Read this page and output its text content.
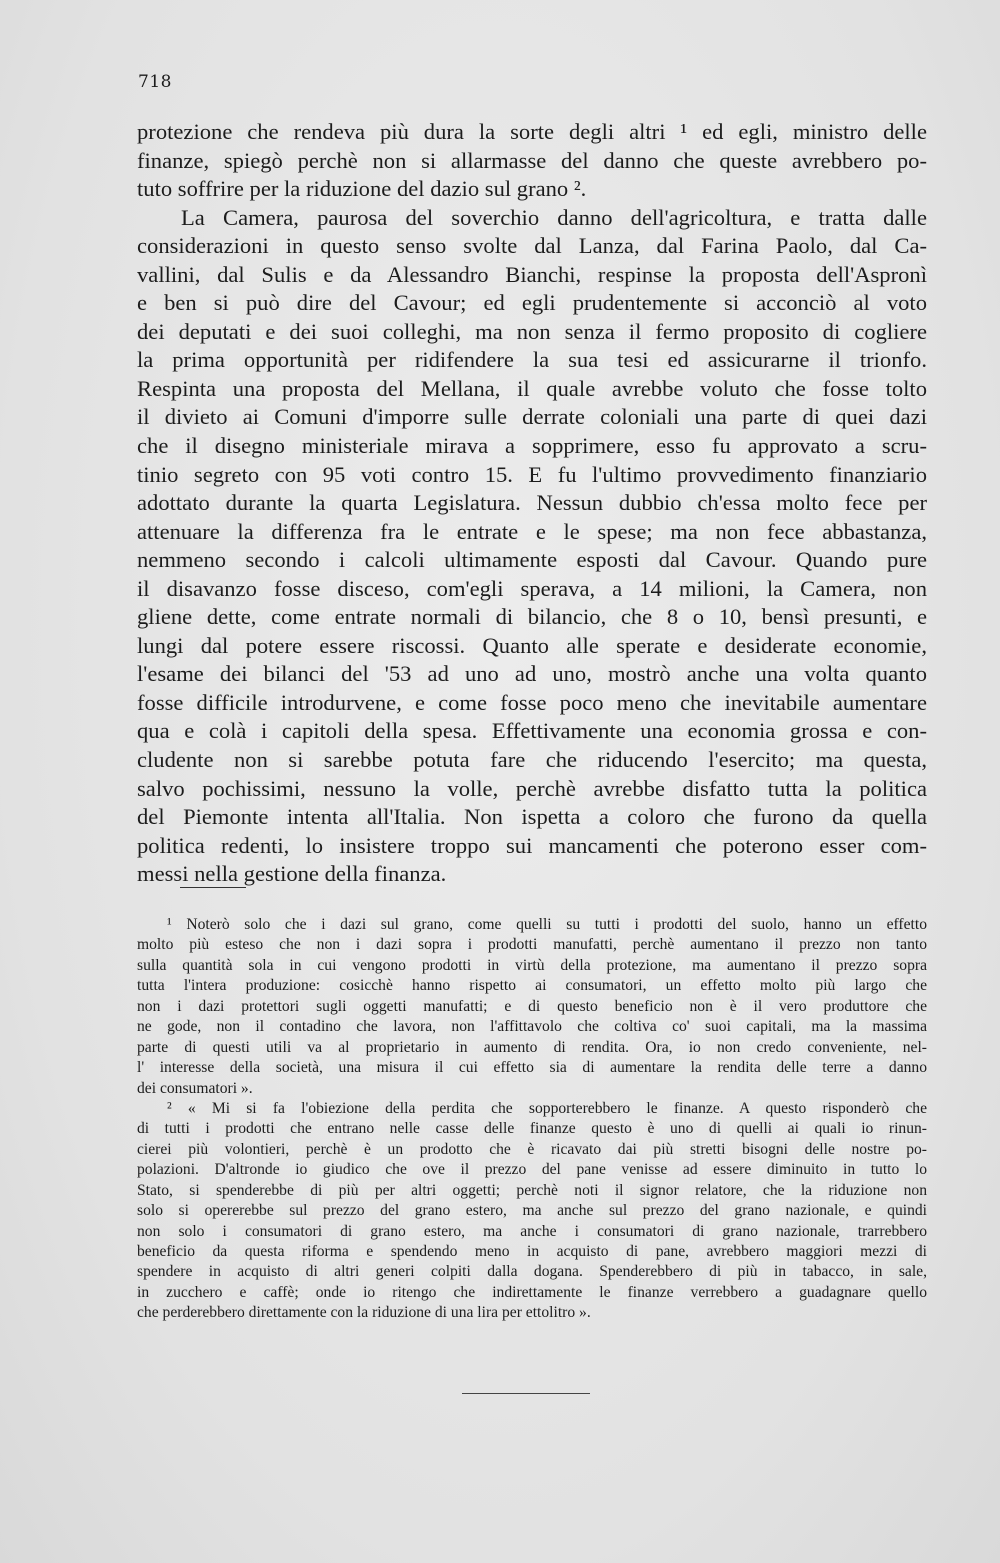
718
protezione che rendeva più dura la sorte degli altri ¹ ed egli, ministro delle
finanze, spiegò perchè non si allarmasse del danno che queste avrebbero po-
tuto soffrire per la riduzione del dazio sul grano ².
La Camera, paurosa del soverchio danno dell'agricoltura, e tratta dalle
considerazioni in questo senso svolte dal Lanza, dal Farina Paolo, dal Ca-
vallini, dal Sulis e da Alessandro Bianchi, respinse la proposta dell'Aspronì
e ben si può dire del Cavour; ed egli prudentemente si acconciò al voto
dei deputati e dei suoi colleghi, ma non senza il fermo proposito di cogliere
la prima opportunità per ridifendere la sua tesi ed assicurarne il trionfo.
Respinta una proposta del Mellana, il quale avrebbe voluto che fosse tolto
il divieto ai Comuni d'imporre sulle derrate coloniali una parte di quei dazi
che il disegno ministeriale mirava a sopprimere, esso fu approvato a scru-
tinio segreto con 95 voti contro 15. E fu l'ultimo provvedimento finanziario
adottato durante la quarta Legislatura. Nessun dubbio ch'essa molto fece per
attenuare la differenza fra le entrate e le spese; ma non fece abbastanza,
nemmeno secondo i calcoli ultimamente esposti dal Cavour. Quando pure
il disavanzo fosse disceso, com'egli sperava, a 14 milioni, la Camera, non
gliene dette, come entrate normali di bilancio, che 8 o 10, bensì presunti, e
lungi dal potere essere riscossi. Quanto alle sperate e desiderate economie,
l'esame dei bilanci del '53 ad uno ad uno, mostrò anche una volta quanto
fosse difficile introdurvene, e come fosse poco meno che inevitabile aumentare
qua e colà i capitoli della spesa. Effettivamente una economia grossa e con-
cludente non si sarebbe potuta fare che riducendo l'esercito; ma questa,
salvo pochissimi, nessuno la volle, perchè avrebbe disfatto tutta la politica
del Piemonte intenta all'Italia. Non ispetta a coloro che furono da quella
politica redenti, lo insistere troppo sui mancamenti che poterono esser com-
messi nella gestione della finanza.
¹ Noterò solo che i dazi sul grano, come quelli su tutti i prodotti del suolo, hanno un effetto
molto più esteso che non i dazi sopra i prodotti manufatti, perchè aumentano il prezzo non tanto
sulla quantità sola in cui vengono prodotti in virtù della protezione, ma aumentano il prezzo sopra
tutta l'intera produzione: cosicchè hanno rispetto ai consumatori, un effetto molto più largo che
non i dazi protettori sugli oggetti manufatti; e di questo beneficio non è il vero produttore che
ne gode, non il contadino che lavora, non l'affittavolo che coltiva co' suoi capitali, ma la massima
parte di questi utili va al proprietario in aumento di rendita. Ora, io non credo conveniente, nel-
l' interesse della società, una misura il cui effetto sia di aumentare la rendita delle terre a danno
dei consumatori ».
² « Mi si fa l'obiezione della perdita che sopporterebbero le finanze. A questo risponderò che
di tutti i prodotti che entrano nelle casse delle finanze questo è uno di quelli ai quali io rinun-
cierei più volontieri, perchè è un prodotto che è ricavato dai più stretti bisogni delle nostre po-
polazioni. D'altronde io giudico che ove il prezzo del pane venisse ad essere diminuito in tutto lo
Stato, si spenderebbe di più per altri oggetti; perchè noti il signor relatore, che la riduzione non
solo si opererebbe sul prezzo del grano estero, ma anche sul prezzo del grano nazionale, e quindi
non solo i consumatori di grano estero, ma anche i consumatori di grano nazionale, trarrebbero
beneficio da questa riforma e spendendo meno in acquisto di pane, avrebbero maggiori mezzi di
spendere in acquisto di altri generi colpiti dalla dogana. Spenderebbero di più in tabacco, in sale,
in zucchero e caffè; onde io ritengo che indirettamente le finanze verrebbero a guadagnare quello
che perderebbero direttamente con la riduzione di una lira per ettolitro ».
